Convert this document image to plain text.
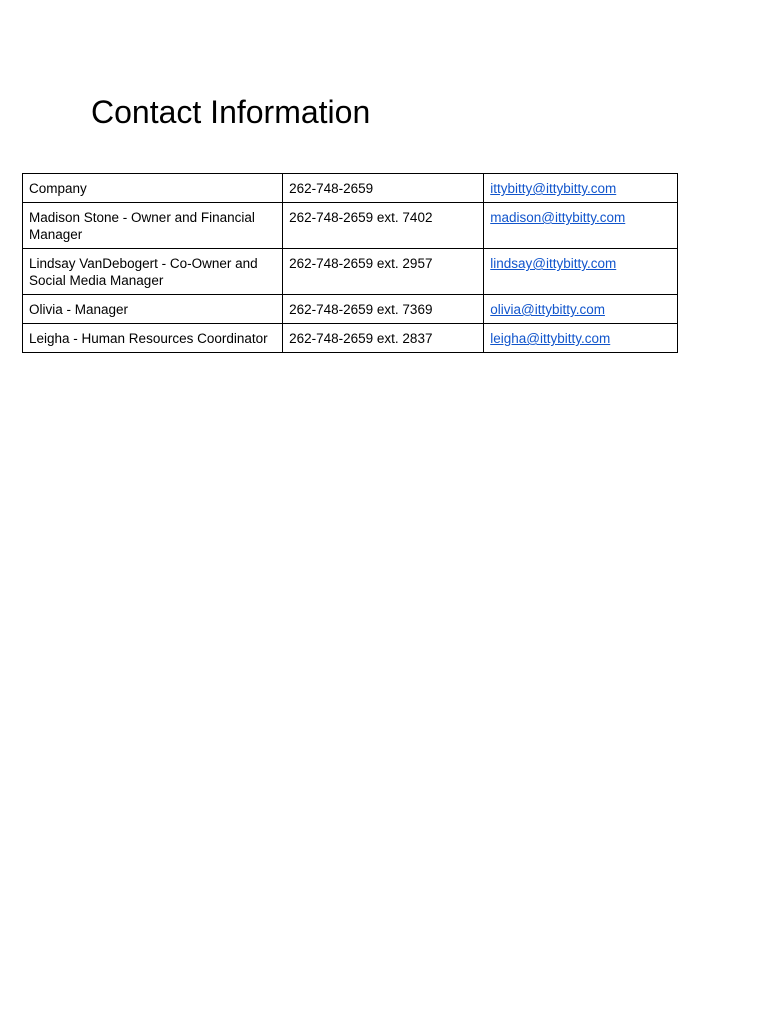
Contact Information
Company	262-748-2659	ittybitty@ittybitty.com
Madison Stone - Owner and Financial Manager	262-748-2659 ext. 7402	madison@ittybitty.com
Lindsay VanDebogert - Co-Owner and Social Media Manager	262-748-2659 ext. 2957	lindsay@ittybitty.com
Olivia - Manager	262-748-2659 ext. 7369	olivia@ittybitty.com
Leigha - Human Resources Coordinator	262-748-2659 ext. 2837	leigha@ittybitty.com
